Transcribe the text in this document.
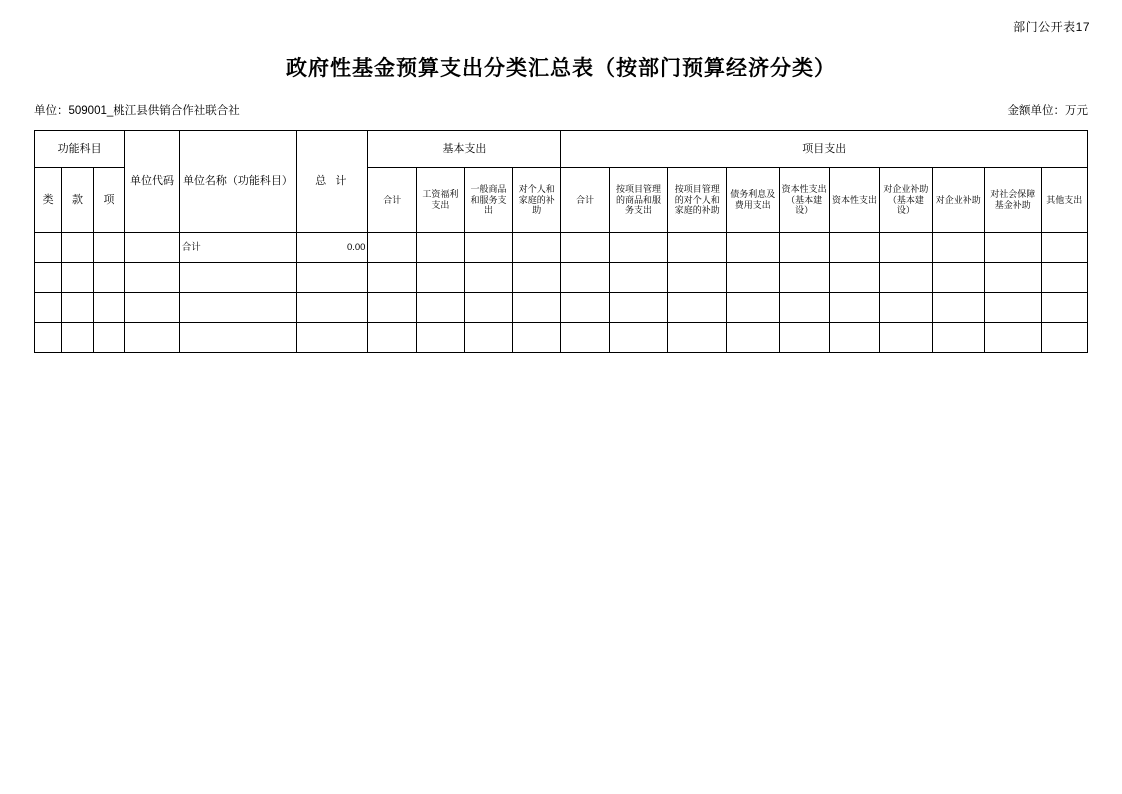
部门公开表17
政府性基金预算支出分类汇总表（按部门预算经济分类）
单位：509001_桃江县供销合作社联合社	金额单位：万元
功能科目			单位代码	单位名称（功能科目）	总 计	基本支出				项目支出									
类	款	项				合计	工资福利支出	一般商品和服务支出	对个人和家庭的补助	合计	按项目管理的商品和服务支出	按项目管理的对个人和家庭的补助	债务利息及费用支出	资本性支出（基本建设）	资本性支出	对企业补助（基本建设）	对企业补助	对社会保障基金补助	其他支出
				合计	0.00														
